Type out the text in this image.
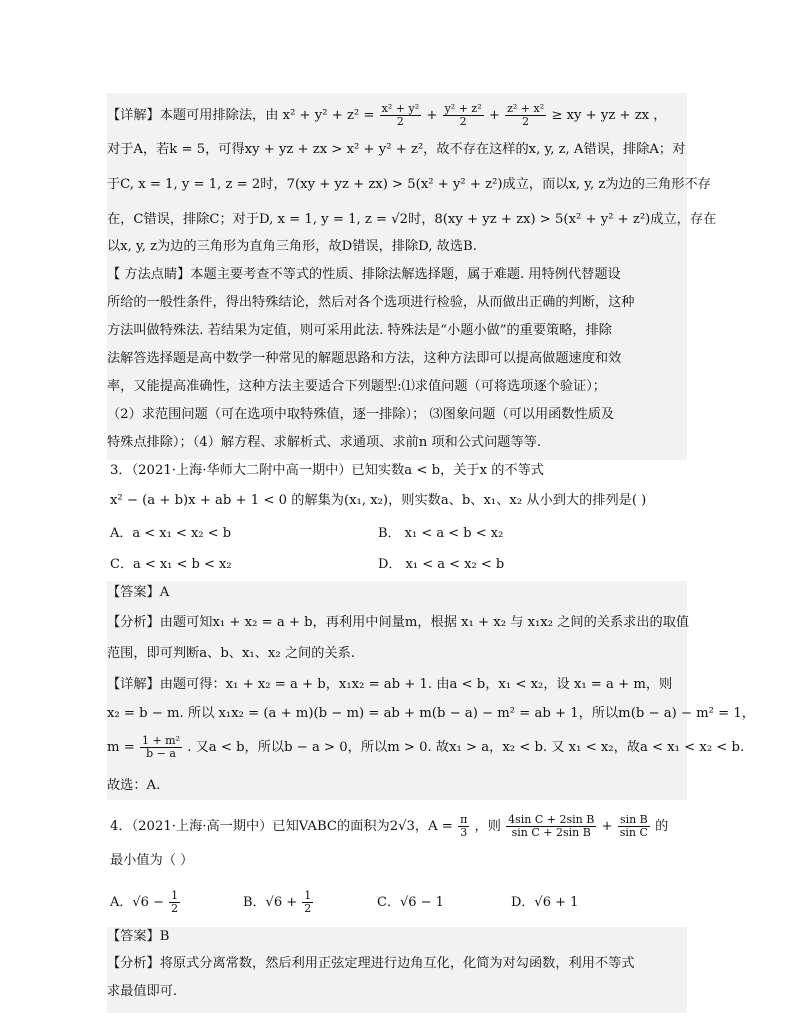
【详解】本题可用排除法，由 $x^2 + y^2 + z^2 = \frac{\text{x² + y²}}{2} + \frac{\text{y² + z²}}{2} + \frac{\text{z² + x²}}{2}$ ≥ xy + yz + zx ，
对于A，若k = 5，可得xy + yz + zx > x² + y² + z²，故不存在这样的x, y, z, A错误，排除A；对
于C, x = 1, y = 1, z = 2时，7(xy + yz + zx) > 5(x² + y² + z²)成立，而以x, y, z为边的三角形不存
在，C错误，排除C；对于D, x = 1, y = 1, z = √2时，8(xy + yz + zx) > 5(x² + y² + z²)成立，存在
以x, y, z为边的三角形为直角三角形，故D错误，排除D, 故选B.
【 方法点睛】本题主要考查不等式的性质、排除法解选择题，属于难题. 用特例代替题设
所给的一般性条件，得出特殊结论，然后对各个选项进行检验，从而做出正确的判断，这种
方法叫做特殊法. 若结果为定值，则可采用此法. 特殊法是“小题小做”的重要策略，排除
法解答选择题是高中数学一种常见的解题思路和方法，这种方法即可以提高做题速度和效
率，又能提高准确性，这种方法主要适合下列题型:⑴求值问题（可将选项逐个验证）；
（2）求范围问题（可在选项中取特殊值，逐一排除）； ⑶图象问题（可以用函数性质及
特殊点排除）；（4）解方程、求解析式、求通项、求前n 项和公式问题等等.
3．（2021·上海·华师大二附中高一期中）已知实数a < b，关于x 的不等式
x² − (a + b)x + ab + 1 < 0 的解集为(x₁, x₂)，则实数a、b、x₁、x₂ 从小到大的排列是( )
A．a < x₁ < x₂ < b	B． x₁ < a < b < x₂
C．a < x₁ < b < x₂	D． x₁ < a < x₂ < b
【答案】A
【分析】由题可知x₁ + x₂ = a + b，再利用中间量m，根据 x₁ + x₂ 与 x₁x₂ 之间的关系求出的取值
范围，即可判断a、b、x₁、x₂ 之间的关系.
【详解】由题可得：x₁ + x₂ = a + b，x₁x₂ = ab + 1. 由a < b，x₁ < x₂，设 x₁ = a + m，则
x₂ = b − m. 所以 x₁x₂ = (a + m)(b − m) = ab + m(b − a) − m² = ab + 1，所以m(b − a) − m² = 1，
$m = \frac{\text{1 + m²}}{b - a}$ . 又a < b，所以b − a > 0，所以m > 0. 故x₁ > a，x₂ < b. 又 x₁ < x₂，故a < x₁ < x₂ < b.
故选：A.
4．（2021·上海·高一期中）已知VABC的面积为2√3，$A = \frac{\pi}{3}$ ，则 $\frac{\text{4sin C + 2sin B}}{\text{sin C + 2sin B}} + \frac{\text{sin B}}{\text{sin C}}$ 的
最小值为（ ）
A．$√6 - \frac{1}{2}$	B．$√6 + \frac{1}{2}$	C．√6 − 1	D．√6 + 1
【答案】B
【分析】将原式分离常数，然后利用正弦定理进行边角互化，化简为对勾函数，利用不等式
求最值即可.
